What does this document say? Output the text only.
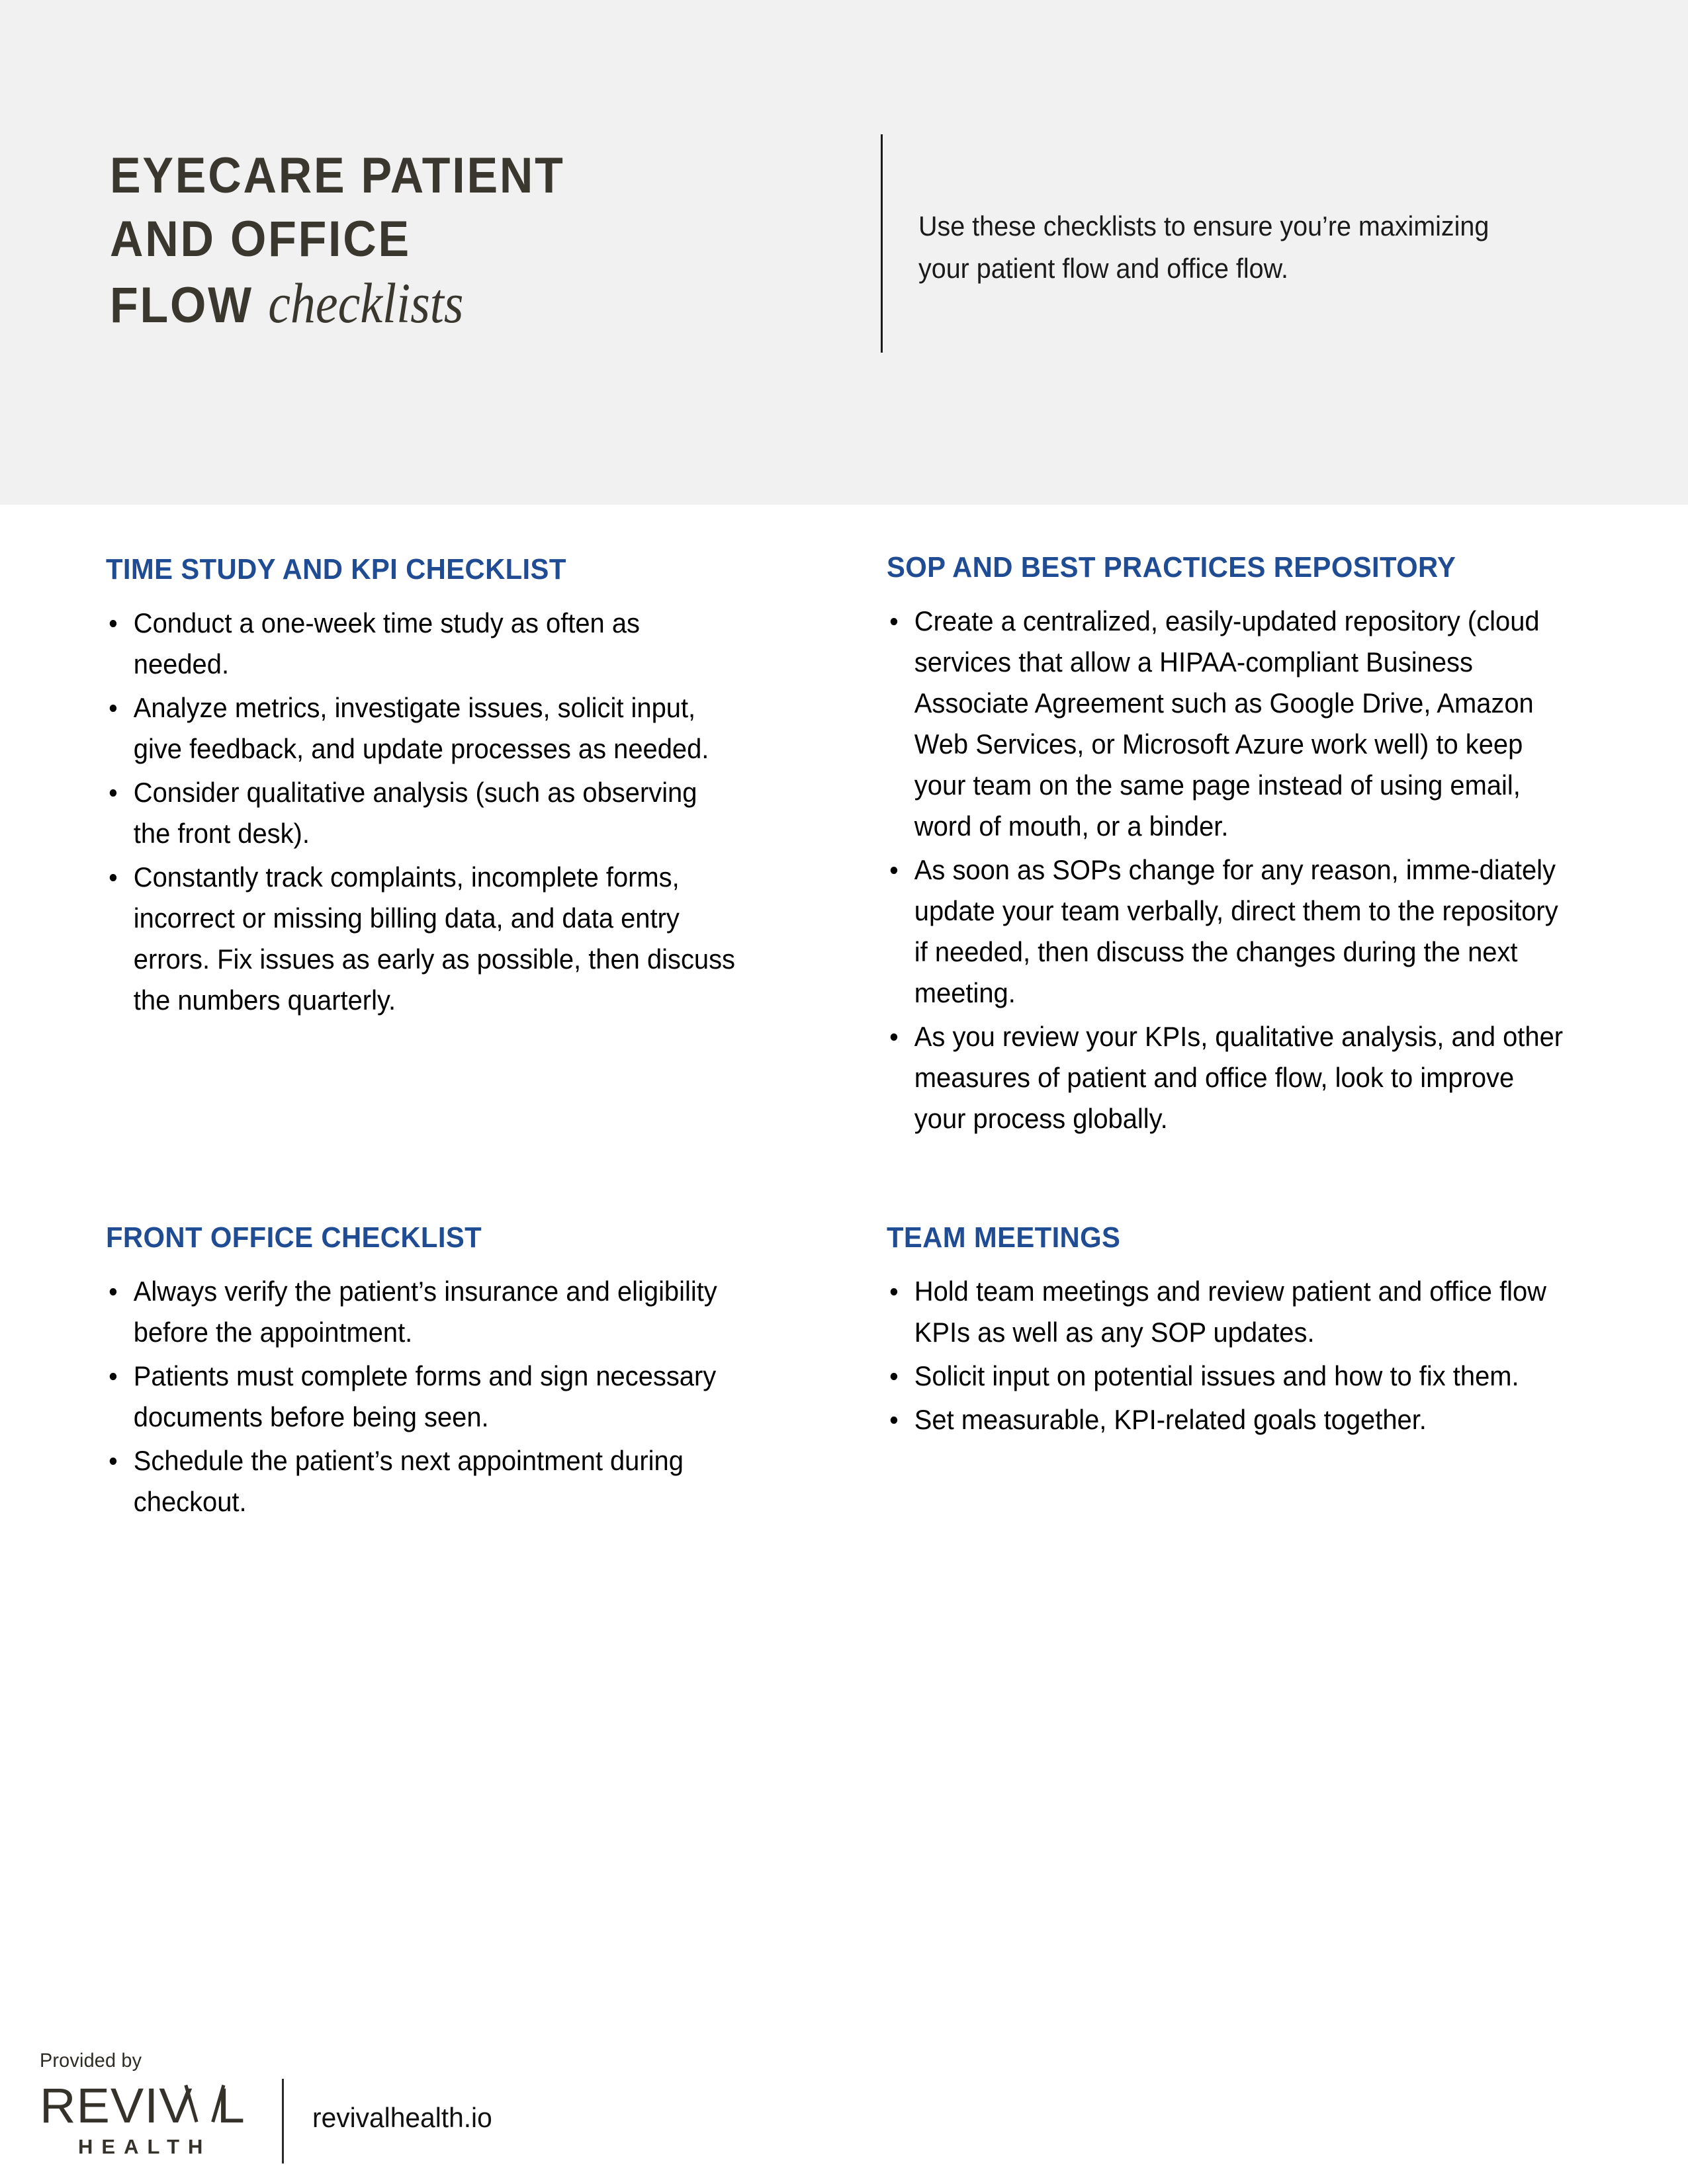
EYECARE PATIENT
AND OFFICE
FLOW checklists
Use these checklists to ensure you’re maximizing your patient flow and office flow.
TIME STUDY AND KPI CHECKLIST
Conduct a one-week time study as often as needed.
Analyze metrics, investigate issues, solicit input, give feedback, and update processes as needed.
Consider qualitative analysis (such as observing the front desk).
Constantly track complaints, incomplete forms, incorrect or missing billing data, and data entry errors. Fix issues as early as possible, then discuss the numbers quarterly.
FRONT OFFICE CHECKLIST
Always verify the patient’s insurance and eligibility before the appointment.
Patients must complete forms and sign necessary documents before being seen.
Schedule the patient’s next appointment during checkout.
SOP AND BEST PRACTICES REPOSITORY
Create a centralized, easily-updated repository (cloud services that allow a HIPAA-compliant Business Associate Agreement such as Google Drive, Amazon Web Services, or Microsoft Azure work well) to keep your team on the same page instead of using email, word of mouth, or a binder.
As soon as SOPs change for any reason, imme-diately update your team verbally, direct them to the repository if needed, then discuss the changes during the next meeting.
As you review your KPIs, qualitative analysis, and other measures of patient and office flow, look to improve your process globally.
TEAM MEETINGS
Hold team meetings and review patient and office flow KPIs as well as any SOP updates.
Solicit input on potential issues and how to fix them.
Set measurable, KPI-related goals together.
Provided by
REVIV L
HEALTH
revivalhealth.io
